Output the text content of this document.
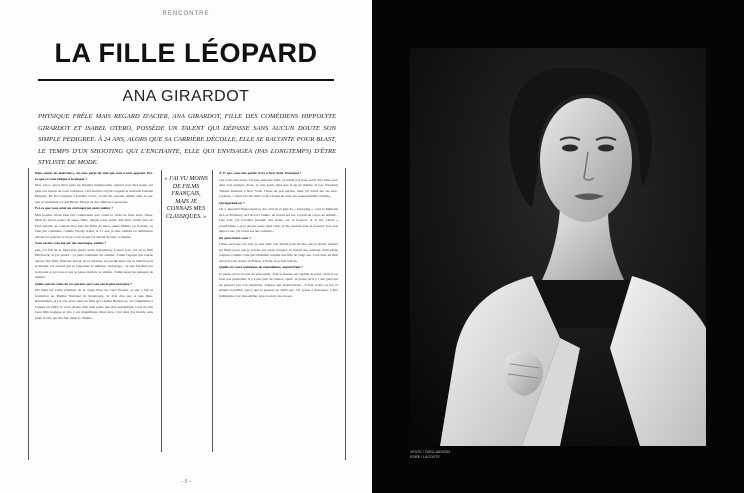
RENCONTRE
LA FILLE LÉOPARD
ANA GIRARDOT
PHYSIQUE FRÊLE MAIS REGARD D'ACIER, ANA GIRARDOT, FILLE DES COMÉDIENS HIPPOLYTE GIRARDOT ET ISABEL OTERO, POSSÈDE UN TALENT QUI DÉPASSE SANS AUCUN DOUTE SON SIMPLE PEDIGREE. À 24 ANS, ALORS QUE SA CARRIÈRE DÉCOLLE, ELLE SE RACONTE POUR BLAST, LE TEMPS D'UN SHOOTING QUI L'ENCHANTE, ELLE QUI ENVISAGEA (PAS LONGTEMPS) D'ÊTRE STYLISTE DE MODE.

Dans toutes les interviews, on vous parle du rôle qui vous a tout apporté. Est-ce que ça vous fatigue à la longue ?

Non, parce qu'on m'en parle de manière intemporelle. Quand vous êtes jeune, les gens ont besoin de vous comparer, c'est normal. GQ m'a appelé la nouvelle Isabelle Huppert, Be m'a comparé à Isabelle Carré, on me dit souvent, même dans la rue, que je ressemble à Carla Bruni. Moi je ne me compare à personne.

Est-ce que vous aviez pu envisager un autre métier ?

Mes parents m'ont bien fait comprendre que c'était le choix de faire autre chose. Mais ils m'ont nourri de super films, depuis toute petite. Ma mère n'était plus de Fred Astaire, je connais bien tous les films de mecs, genre Bullitt, Le Parrain, ou bien des comédies, comme Woody Allen. À 17 ans, je suis tombée en admiration devant les grandes actrices. C'est là que j'ai décidé de faire ce métier.

Vous saviez-vous été sur des tournages, enfant ?

Oui, j'ai fait de la figuration plutôt qu'du babysitting. L'autre jour, j'ai vu le film Hitchcock, et j'ai pleuré : ça parle tellement du cinéma. J'aime l'équipe qui tourne autour d'un film, l'histoire autour de sa création, les producteurs qui se battent pour le monter, les acteurs qui se préparent, la lumière, l'éclairage... Je suis fascinée par le monde et par tout ce qui se passe derrière la caméra. J'aime aussi les plateaux de théâtre.

Quels sont les rôles de vos parents qui vous ont le plus marquée ?

Ma mère est sortie première de la classe libre du cours Florent, et elle a fait sa formation au Théâtre National de Strasbourg. Je dois dire que je suis fière. Récemment, je l'ai vue jouer dans un film qu'a réalisé Berberova, en compétition à Cannes en 1993. Je crois qu'elle était plus jeune que moi aujourd'hui. C'est un très beau film tragique et elle y est magnifique. Mon père, c'est dans Un monde sans pitié, le rôle qui m'a fait aimer le cinéma.

« J'AI VU MOINS DE FILMS FRANÇAIS, MAIS JE CONNAIS MES CLASSIQUES. »

À 17 ans, vous êtes partie vivre à New York. Pourquoi ?

J'en avais très envie. Un peu dans une fuite, ça n'était pas pour partir d'ici mais pour aller vers quelque chose. Je suis partie dans une école de théâtre, le Lee Strasberg Theatre Institute à New York. J'étais un peu perdue, mais j'ai adoré ma vie new-yorkaise : c'était très dur mais ça m'a donné un sens des responsabilités énorme.

Qu'apprend-on ?

On y apprend l'improvisation, des actions et puis du « sensoring », c'est la Méthode de Lee Strasberg, de l'Actor's Studio, un travail sur soi, à partir du corps, un animal... Une fois, j'ai travaillé pendant une heure sur le léopard. À la fin, j'étais « transformée » et je devais rester dans l'état, je me prenais pour le léopard. Une fois dans la rue, j'ai couru sur des voitures...

De quoi rêviez-vous ?

J'étais serveuse. Un jour, je suis allée voir Sheila pour lui dire que je devais réaliser les films parce que je n'avais pas assez d'argent. Je faisais des castings, mais j'étais toujours comme celle qui s'habillait comme une fille de vingt ans. C'est dans un film qu'on m'a dit d'aller en France, à Paris, et je suis rentrée.

Quelle est votre technique de comédienne, aujourd'hui ?

Je pense qu'on n'a pas un seul talent. Tout le monde est capable de jouer, mais si on n'est pas passionné, il y a une part de chance, après. Je pense qu'il y a des gens qui ne peuvent pas s'en empêcher, d'autres qui abandonnent... Il faut croire en soi, et ensuite travailler, parce que la passion ne suffit pas. J'ai appris à m'écouter, à être indulgente avec moi-même, pour trouver des choses.

– 8 –
VESTE / TARA JARMON
ROBE / LACOSTE
